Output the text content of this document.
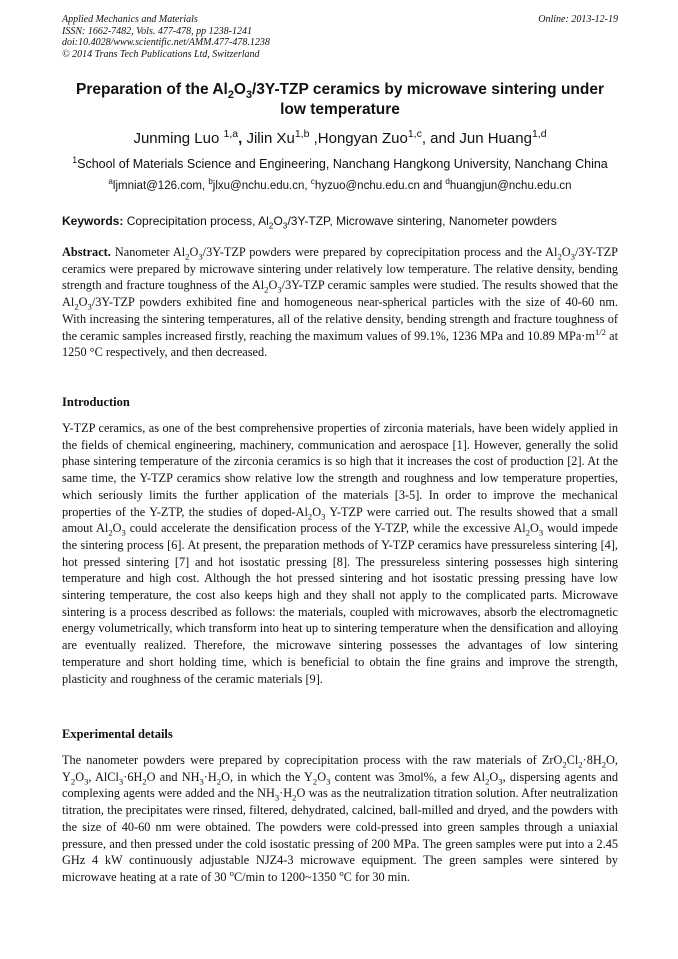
Applied Mechanics and Materials
ISSN: 1662-7482, Vols. 477-478, pp 1238-1241
doi:10.4028/www.scientific.net/AMM.477-478.1238
© 2014 Trans Tech Publications Ltd, Switzerland
Online: 2013-12-19
Preparation of the $Al_2O_3/3Y$-TZP ceramics by microwave sintering under low temperature
Junming Luo $^{1,a}$, Jilin Xu$^{1,b}$ ,Hongyan Zuo$^{1,c}$, and Jun Huang$^{1,d}$
$^1$School of Materials Science and Engineering, Nanchang Hangkong University, Nanchang China
$^a$ljmniat@126.com, $^b$jlxu@nchu.edu.cn, $^c$hyzuo@nchu.edu.cn and $^d$huangjun@nchu.edu.cn
Keywords: Coprecipitation process, $Al_2O_3/3Y$-TZP, Microwave sintering, Nanometer powders
Abstract. Nanometer $Al_2O_3/3Y$-TZP powders were prepared by coprecipitation process and the $Al_2O_3/3Y$-TZP ceramics were prepared by microwave sintering under relatively low temperature. The relative density, bending strength and fracture toughness of the $Al_2O_3/3Y$-TZP ceramic samples were studied. The results showed that the $Al_2O_3/3Y$-TZP powders exhibited fine and homogeneous near-spherical particles with the size of 40-60 nm. With increasing the sintering temperatures, all of the relative density, bending strength and fracture toughness of the ceramic samples increased firstly, reaching the maximum values of 99.1%, 1236 MPa and 10.89 $MPa\cdot m^{1/2}$ at 1250 °C respectively, and then decreased.
Introduction
Y-TZP ceramics, as one of the best comprehensive properties of zirconia materials, have been widely applied in the fields of chemical engineering, machinery, communication and aerospace [1]. However, generally the solid phase sintering temperature of the zirconia ceramics is so high that it increases the cost of production [2]. At the same time, the Y-TZP ceramics show relative low the strength and roughness and low temperature properties, which seriously limits the further application of the materials [3-5]. In order to improve the mechanical properties of the Y-ZTP, the studies of doped-$Al_2O_3$ Y-TZP were carried out. The results showed that a small amout $Al_2O_3$ could accelerate the densification process of the Y-TZP, while the excessive $Al_2O_3$ would impede the sintering process [6]. At present, the preparation methods of Y-TZP ceramics have pressureless sintering [4], hot pressed sintering [7] and hot isostatic pressing [8]. The pressureless sintering possesses high sintering temperature and high cost. Although the hot pressed sintering and hot isostatic pressing pressing have low sintering temperature, the cost also keeps high and they shall not apply to the complicated parts. Microwave sintering is a process described as follows: the materials, coupled with microwaves, absorb the electromagnetic energy volumetrically, which transform into heat up to sintering temperature when the densification and alloying are eventually realized. Therefore, the microwave sintering possesses the advantages of low sintering temperature and short holding time, which is beneficial to obtain the fine grains and improve the strength, plasticity and roughness of the ceramic materials [9].
Experimental details
The nanometer powders were prepared by coprecipitation process with the raw materials of $ZrO_2Cl_2\cdot 8H_2O$, $Y_2O_3$, $AlCl_3\cdot 6H_2O$ and $NH_3\cdot H_2O$, in which the $Y_2O_3$ content was 3mol%, a few $Al_2O_3$, dispersing agents and complexing agents were added and the $NH_3\cdot H_2O$ was as the neutralization titration solution. After neutralization titration, the precipitates were rinsed, filtered, dehydrated, calcined, ball-milled and dryed, and the powders with the size of 40-60 nm were obtained. The powders were cold-pressed into green samples through a uniaxial pressure, and then pressed under the cold isostatic pressing of 200 MPa. The green samples were put into a 2.45 GHz 4 kW continuously adjustable NJZ4-3 microwave equipment. The green samples were sintered by microwave heating at a rate of 30 $^o$C/min to 1200~1350 $^o$C for 30 min.
